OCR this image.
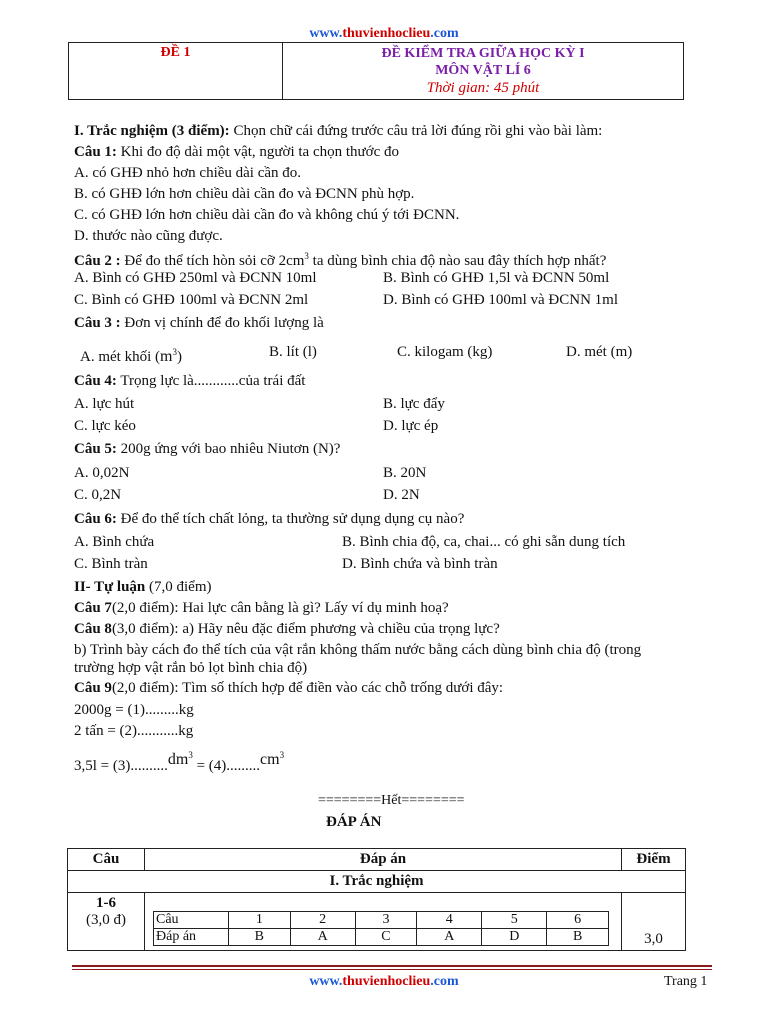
www.thuvienhoclieu.com
ĐỀ 1	ĐỀ KIỂM TRA GIỮA HỌC KỲ I
MÔN VẬT LÍ 6
Thời gian: 45 phút
I. Trắc nghiệm (3 điểm): Chọn chữ cái đứng trước câu trả lời đúng rồi ghi vào bài làm:
Câu 1: Khi đo độ dài một vật, người ta chọn thước đo
A. có GHĐ nhỏ hơn chiều dài cần đo.
B. có GHĐ lớn hơn chiều dài cần đo và ĐCNN phù hợp.
C. có GHĐ lớn hơn chiều dài cần đo và không chú ý tới ĐCNN.
D. thước nào cũng được.
Câu 2 : Để đo thể tích hòn sỏi cỡ $2cm^3$ ta dùng bình chia độ nào sau đây thích hợp nhất?
A. Bình có GHĐ 250ml và ĐCNN 10ml	B. Bình có GHĐ 1,5l và ĐCNN 50ml
C. Bình có GHĐ 100ml và ĐCNN 2ml	D. Bình có GHĐ 100ml và ĐCNN 1ml
Câu 3 : Đơn vị chính để đo khối lượng là
A. mét khối $(m^3)$	B. lít (l)	C. kilogam (kg)	D. mét (m)
Câu 4: Trọng lực là............của trái đất
A. lực hút	B. lực đẩy
C. lực kéo	D. lực ép
Câu 5: 200g ứng với bao nhiêu Niutơn (N)?
A. 0,02N	B. 20N
C. 0,2N	D. 2N
Câu 6: Để đo thể tích chất lỏng, ta thường sử dụng dụng cụ nào?
A. Bình chứa	B. Bình chia độ, ca, chai... có ghi sẵn dung tích
C. Bình tràn	D. Bình chứa và bình tràn
II- Tự luận (7,0 điểm)
Câu 7(2,0 điểm): Hai lực cân bằng là gì? Lấy ví dụ minh hoạ?
Câu 8(3,0 điểm): a) Hãy nêu đặc điểm phương và chiều của trọng lực?
b) Trình bày cách đo thể tích của vật rắn không thấm nước bằng cách dùng bình chia độ (trong
trường hợp vật rắn bỏ lọt bình chia độ)
Câu 9(2,0 điểm): Tìm số thích hợp để điền vào các chỗ trống dưới đây:
2000g = (1).........kg
2 tấn = (2)...........kg
$3,5l = (3)..........dm^3 = (4).........cm^3$
========Hết========
ĐÁP ÁN
Câu	Đáp án	Điểm
I. Trắc nghiệm

1-6
(3,0 đ)
		Câu	1	2	3	4	5	6
Đáp án	B	A	C	A	D	B
		3,0
www.thuvienhoclieu.com	Trang 1
